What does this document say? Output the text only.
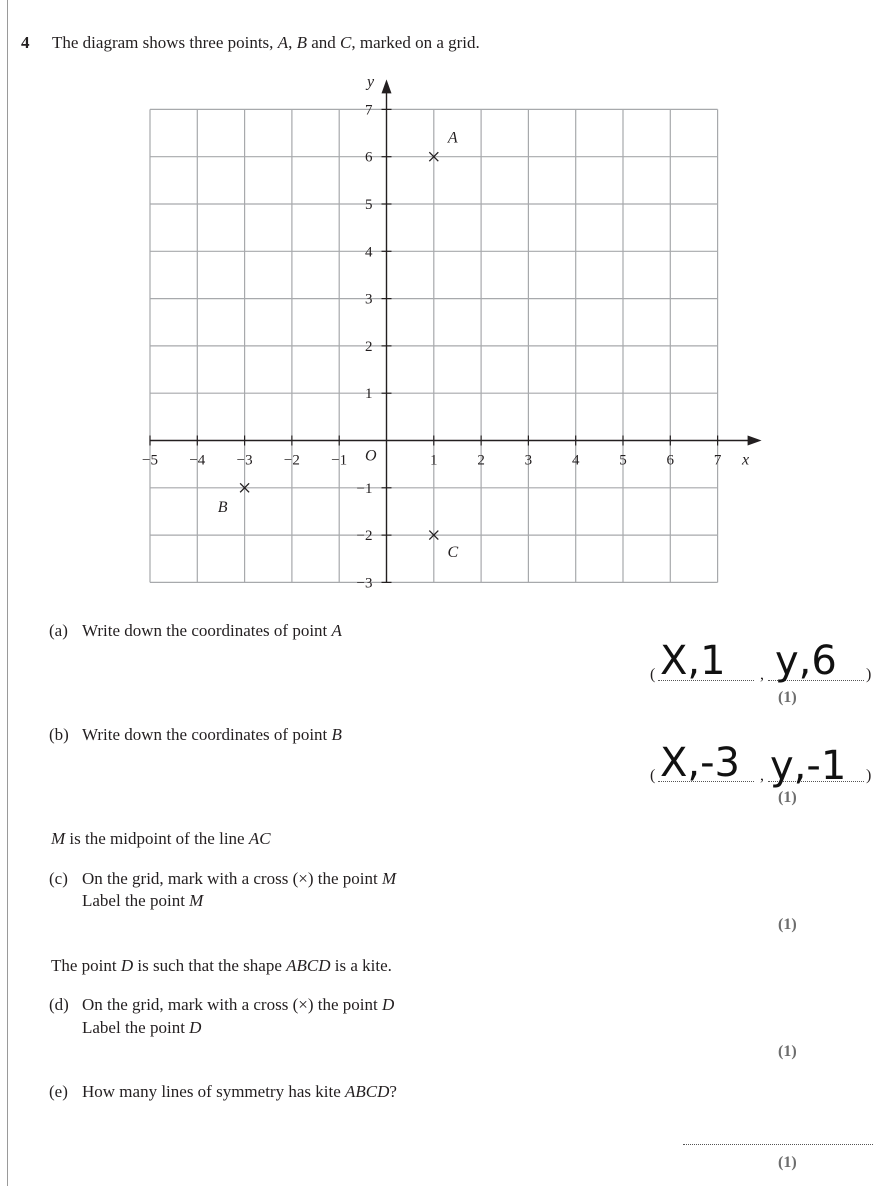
4 The diagram shows three points, A, B and C, marked on a grid.
−5 −4 −3 −2 −1	1	2	3	4	5	6	7
7
6
5
4
3
2
1
−1
−2
−3
O	x
y
A
B
C
(a) Write down the coordinates of point A
(	,	)
X,1 y,6
(1)
(b) Write down the coordinates of point B
(	,	)
X,-3 y,-1
(1)
M is the midpoint of the line AC
(c) On the grid, mark with a cross (×) the point M
Label the point M
(1)
The point D is such that the shape ABCD is a kite.
(d) On the grid, mark with a cross (×) the point D
Label the point D
(1)
(e) How many lines of symmetry has kite ABCD?
(1)
